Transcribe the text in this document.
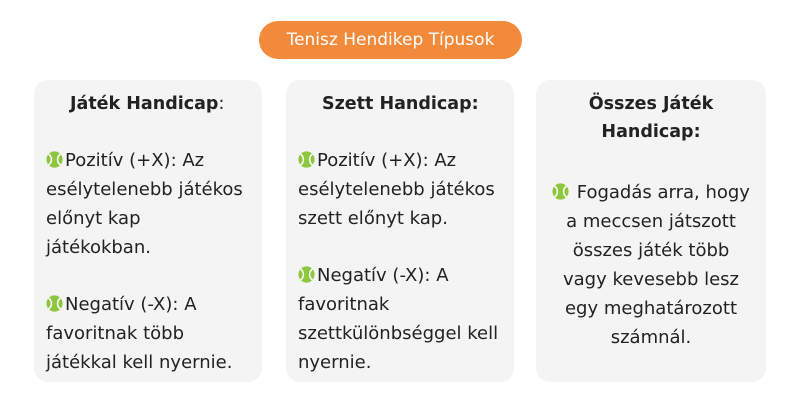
Tenisz Hendikep Típusok
Játék Handicap:
Pozitív (+X): Az esélytelenebb játékos előnyt kap játékokban.
Negatív (-X): A favoritnak több játékkal kell nyernie.
Szett Handicap:
Pozitív (+X): Az esélytelenebb játékos szett előnyt kap.
Negatív (-X): A favoritnak szettkülönbséggel kell nyernie.
Összes Játék Handicap:
Fogadás arra, hogy a meccsen játszott összes játék több vagy kevesebb lesz egy meghatározott számnál.
